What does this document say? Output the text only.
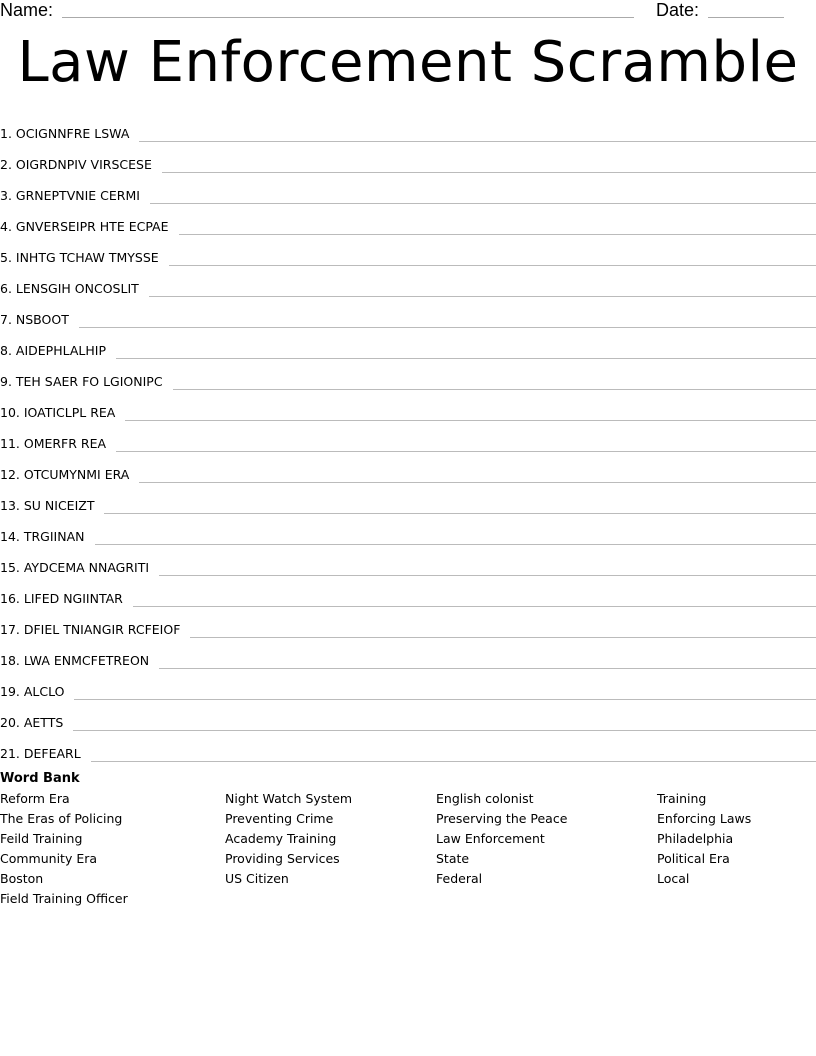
Name:	Date:
Law Enforcement Scramble
1. OCIGNNFRE LSWA
2. OIGRDNPIV VIRSCESE
3. GRNEPTVNIE CERMI
4. GNVERSEIPR HTE ECPAE
5. INHTG TCHAW TMYSSE
6. LENSGIH ONCOSLIT
7. NSBOOT
8. AIDEPHLALHIP
9. TEH SAER FO LGIONIPC
10. IOATICLPL REA
11. OMERFR REA
12. OTCUMYNMI ERA
13. SU NICEIZT
14. TRGIINAN
15. AYDCEMA NNAGRITI
16. LIFED NGIINTAR
17. DFIEL TNIANGIR RCFEIOF
18. LWA ENMCFETREON
19. ALCLO
20. AETTS
21. DEFEARL
Word Bank
Reform Era
The Eras of Policing
Feild Training
Community Era
Boston
Field Training Officer
Night Watch System
Preventing Crime
Academy Training
Providing Services
US Citizen
English colonist
Preserving the Peace
Law Enforcement
State
Federal
Training
Enforcing Laws
Philadelphia
Political Era
Local
